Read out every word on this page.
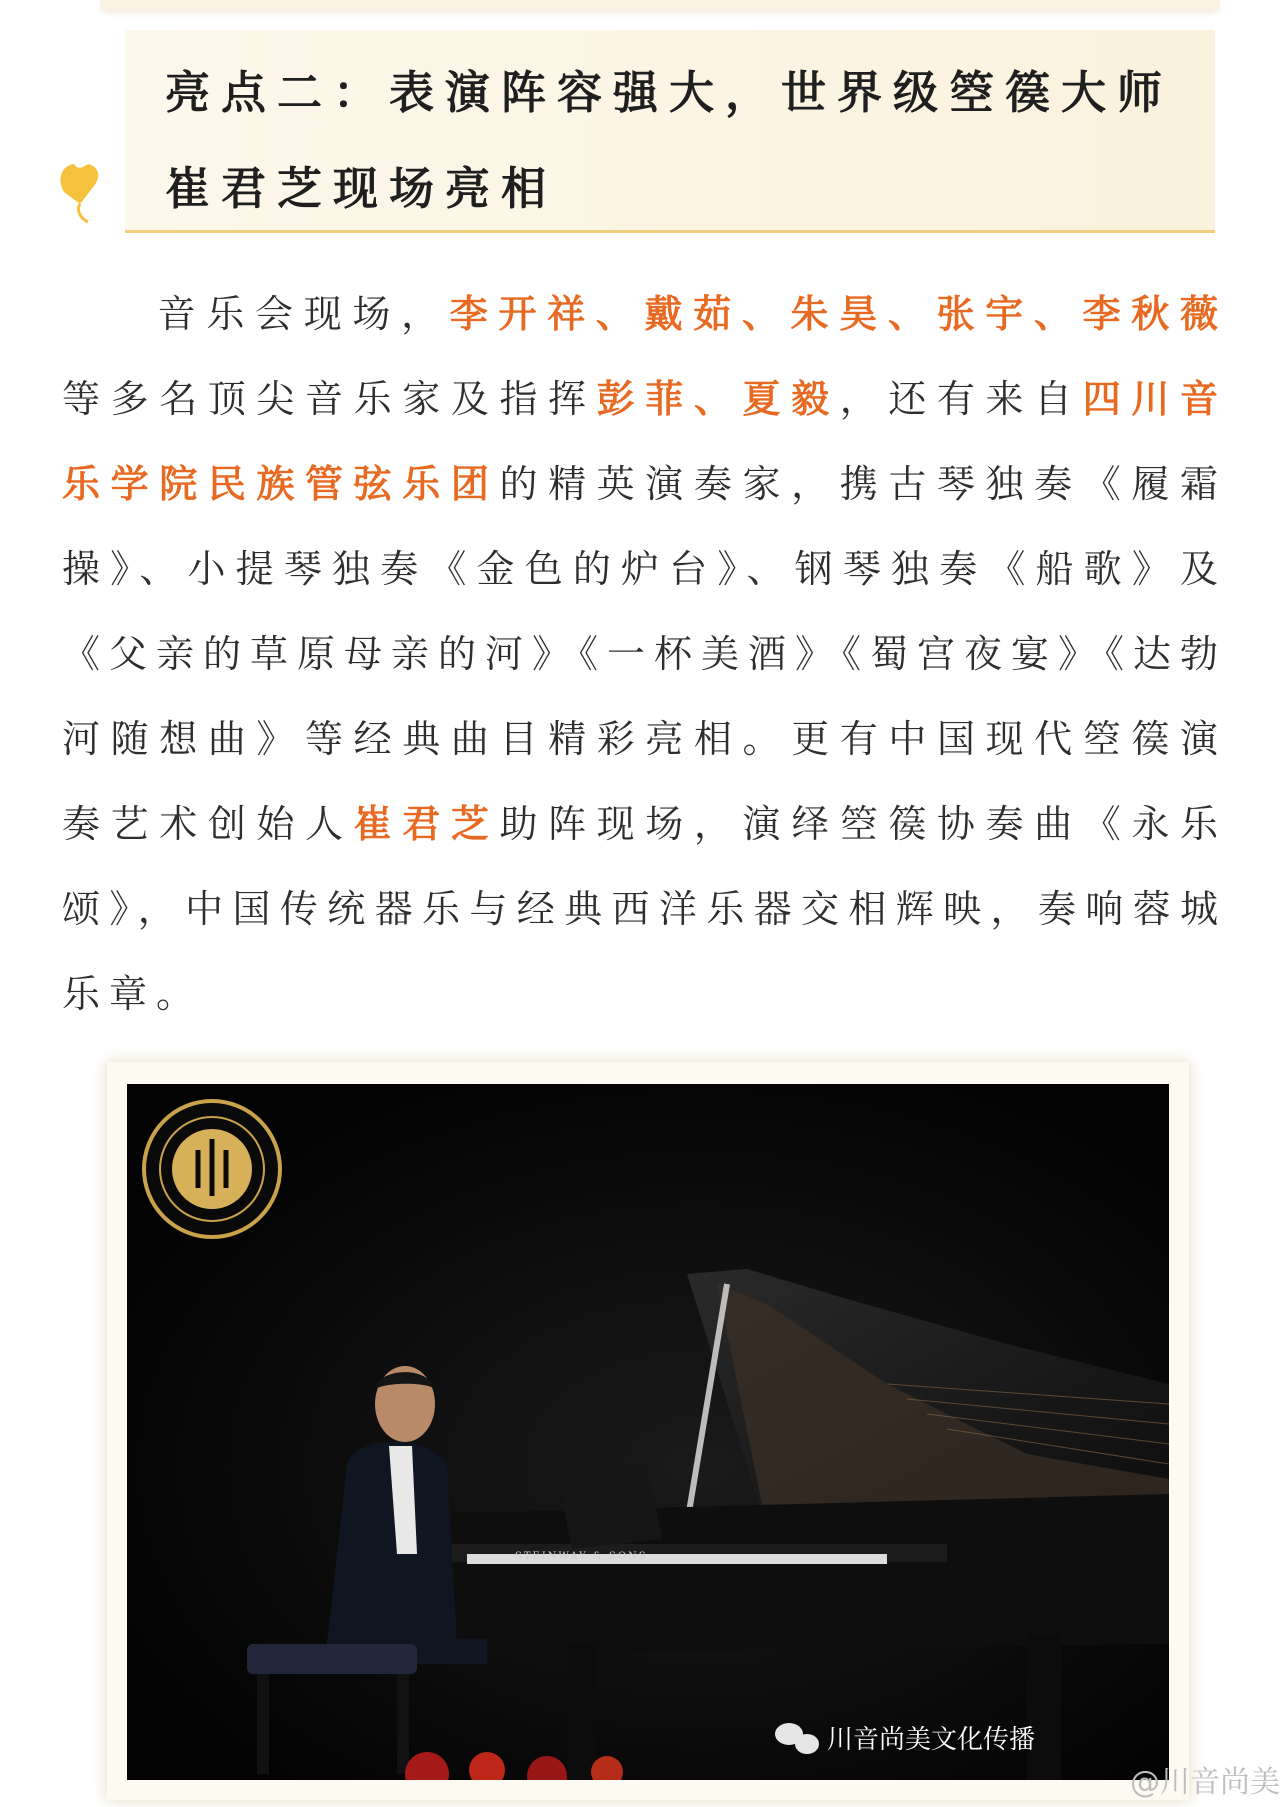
亮点二：表演阵容强大，世界级箜篌大师
崔君芝现场亮相
  音乐会现场，李开祥、戴茹、朱昊、张宇、李秋薇等多名顶尖音乐家及指挥彭菲、夏毅，还有来自四川音乐学院民族管弦乐团的精英演奏家，携古琴独奏《履霜操》、小提琴独奏《金色的炉台》、钢琴独奏《船歌》及《父亲的草原母亲的河》《一杯美酒》《蜀宫夜宴》《达勃河随想曲》等经典曲目精彩亮相。更有中国现代箜篌演奏艺术创始人崔君芝助阵现场，演绎箜篌协奏曲《永乐颂》，中国传统器乐与经典西洋乐器交相辉映，奏响蓉城乐章。
STEINWAY & SONS
川音尚美文化传播
@川音尚美
